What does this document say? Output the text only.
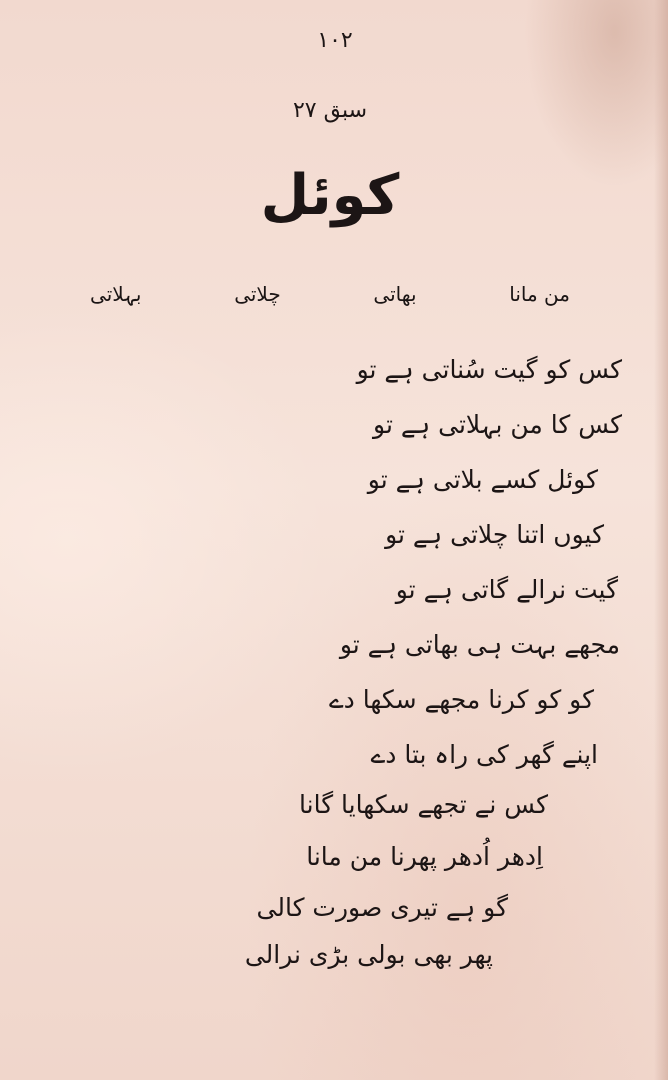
۱۰۲
سبق ۲۷
کوئل
بہلاتی	چلاتی	بھاتی	من مانا
کس کو گیت سُناتی ہے تو
کس کا من بہلاتی ہے تو
کوئل کسے بلاتی ہے تو
کیوں اتنا چلاتی ہے تو
گیت نرالے گاتی ہے تو
مجھے بہت ہی بھاتی ہے تو
کو کو کرنا مجھے سکھا دے
اپنے گھر کی راہ بتا دے
کس نے تجھے سکھایا گانا
اِدھر اُدھر پھرنا من مانا
گو ہے تیری صورت کالی
پھر بھی بولی بڑی نرالی
